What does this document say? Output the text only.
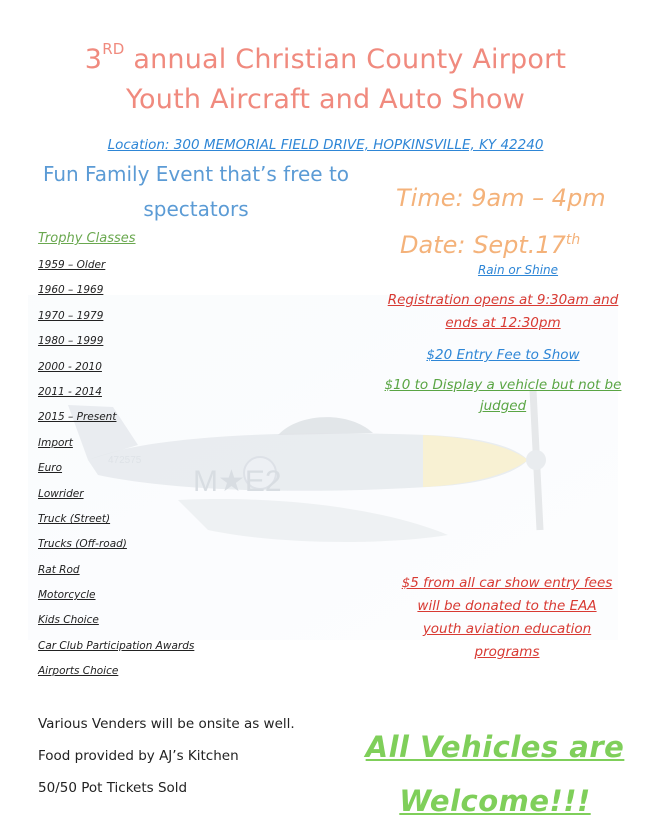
M★E2
472575
3RD annual Christian County Airport
Youth Aircraft and Auto Show
Location: 300 MEMORIAL FIELD DRIVE, HOPKINSVILLE, KY 42240
Fun Family Event that’s free to
spectators	Time: 9am – 4pm
Date: Sept.17th
Rain or Shine
Registration opens at 9:30am and
ends at 12:30pm
$20 Entry Fee to Show
$10 to Display a vehicle but not be
judged
Trophy Classes
1959 – Older
1960 – 1969
1970 – 1979
1980 – 1999
2000 - 2010
2011 - 2014
2015 – Present
Import
Euro
Lowrider
Truck (Street)
Trucks (Off-road)
Rat Rod
Motorcycle
Kids Choice
Car Club Participation Awards
Airports Choice
$5 from all car show entry fees
will be donated to the EAA
youth aviation education
programs
Various Venders will be onsite as well.
Food provided by AJ’s Kitchen
50/50 Pot Tickets Sold
All Vehicles are
Welcome!!!
